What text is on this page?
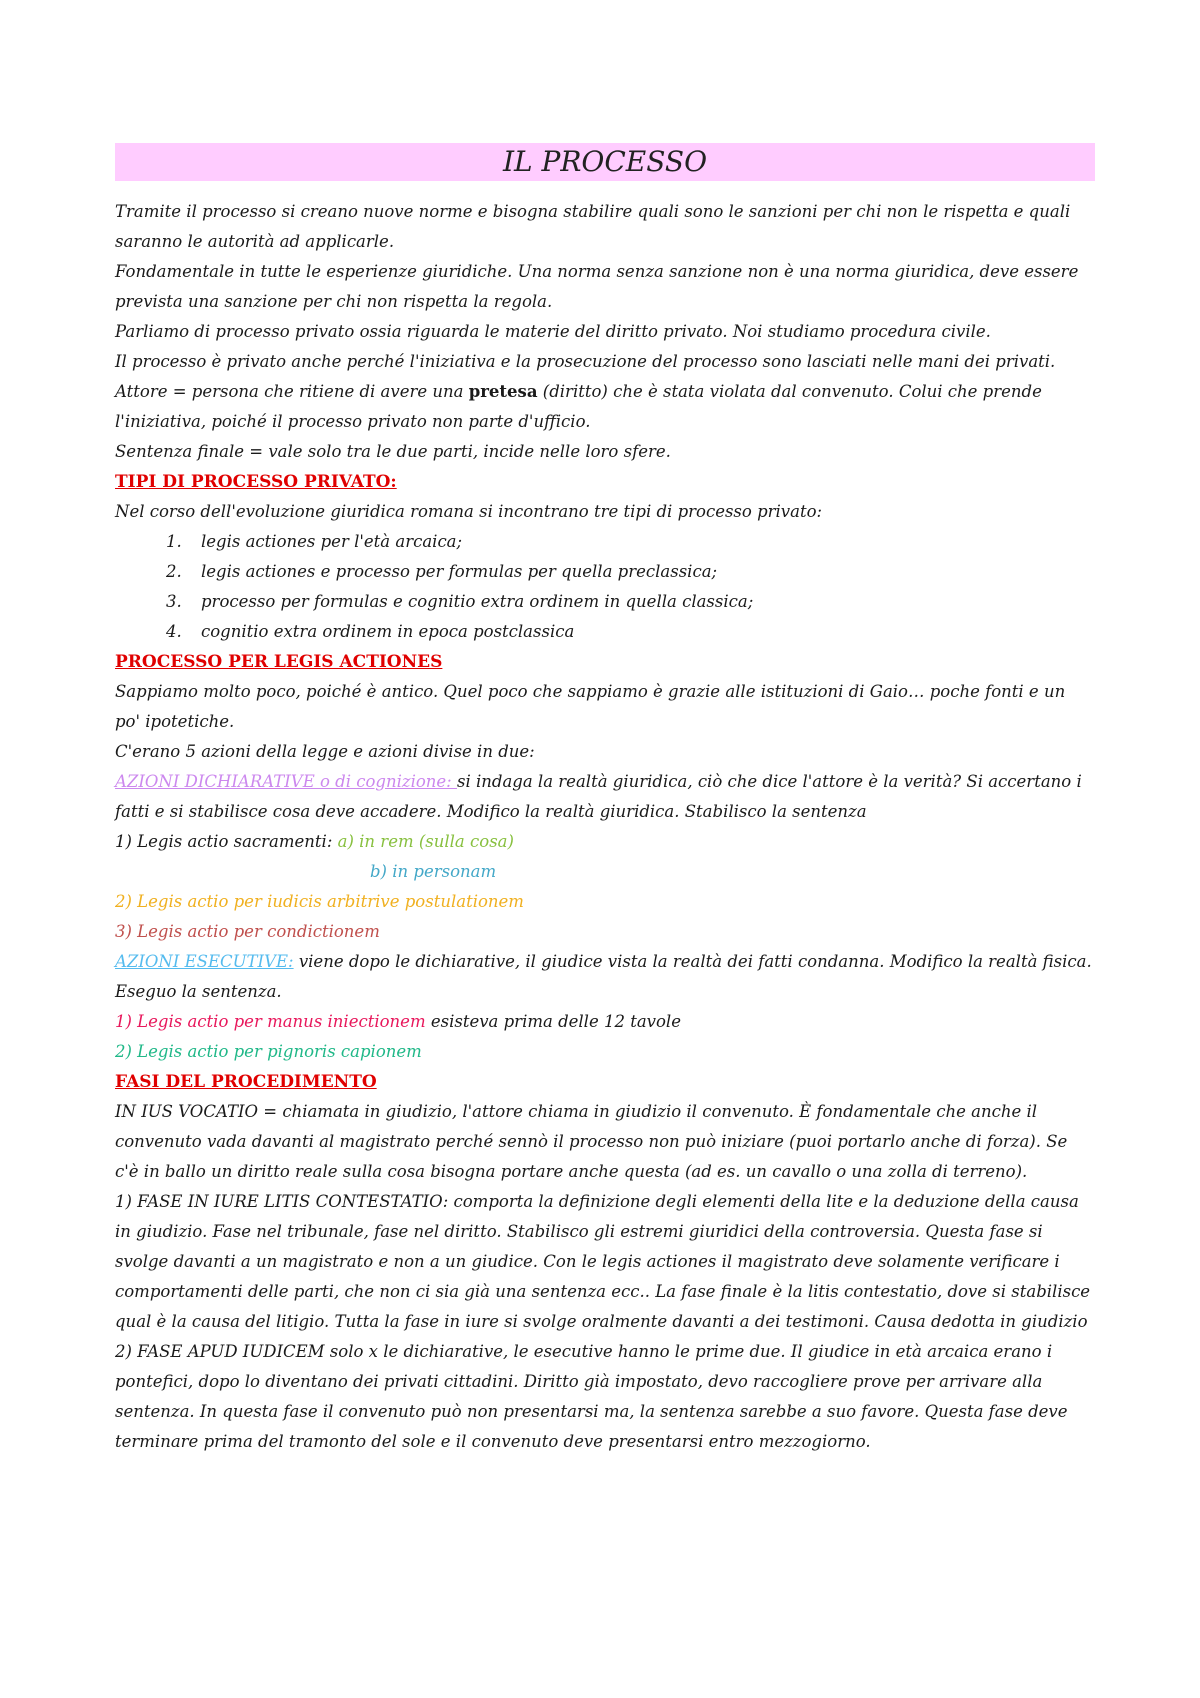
IL PROCESSO

Tramite il processo si creano nuove norme e bisogna stabilire quali sono le sanzioni per chi non le rispetta e quali saranno le autorità ad applicarle.

Fondamentale in tutte le esperienze giuridiche. Una norma senza sanzione non è una norma giuridica, deve essere prevista una sanzione per chi non rispetta la regola.

Parliamo di processo privato ossia riguarda le materie del diritto privato. Noi studiamo procedura civile.

Il processo è privato anche perché l'iniziativa e la prosecuzione del processo sono lasciati nelle mani dei privati.

Attore = persona che ritiene di avere una pretesa (diritto) che è stata violata dal convenuto. Colui che prende l'iniziativa, poiché il processo privato non parte d'ufficio.

Sentenza finale = vale solo tra le due parti, incide nelle loro sfere.

TIPI DI PROCESSO PRIVATO:

Nel corso dell'evoluzione giuridica romana si incontrano tre tipi di processo privato:

1. legis actiones per l'età arcaica;
2. legis actiones e processo per formulas per quella preclassica;
3. processo per formulas e cognitio extra ordinem in quella classica;
4. cognitio extra ordinem in epoca postclassica

PROCESSO PER LEGIS ACTIONES

Sappiamo molto poco, poiché è antico. Quel poco che sappiamo è grazie alle istituzioni di Gaio… poche fonti e un po' ipotetiche.

C'erano 5 azioni della legge e azioni divise in due:

AZIONI DICHIARATIVE o di cognizione: si indaga la realtà giuridica, ciò che dice l'attore è la verità? Si accertano i fatti e si stabilisce cosa deve accadere. Modifico la realtà giuridica. Stabilisco la sentenza

1) Legis actio sacramenti: a) in rem (sulla cosa)

b) in personam

2) Legis actio per iudicis arbitrive postulationem

3) Legis actio per condictionem

AZIONI ESECUTIVE: viene dopo le dichiarative, il giudice vista la realtà dei fatti condanna. Modifico la realtà fisica. Eseguo la sentenza.

1) Legis actio per manus iniectionem esisteva prima delle 12 tavole

2) Legis actio per pignoris capionem

FASI DEL PROCEDIMENTO

IN IUS VOCATIO = chiamata in giudizio, l'attore chiama in giudizio il convenuto. È fondamentale che anche il convenuto vada davanti al magistrato perché sennò il processo non può iniziare (puoi portarlo anche di forza). Se c'è in ballo un diritto reale sulla cosa bisogna portare anche questa (ad es. un cavallo o una zolla di terreno).

1) FASE IN IURE LITIS CONTESTATIO: comporta la definizione degli elementi della lite e la deduzione della causa in giudizio. Fase nel tribunale, fase nel diritto. Stabilisco gli estremi giuridici della controversia. Questa fase si svolge davanti a un magistrato e non a un giudice. Con le legis actiones il magistrato deve solamente verificare i comportamenti delle parti, che non ci sia già una sentenza ecc.. La fase finale è la litis contestatio, dove si stabilisce qual è la causa del litigio. Tutta la fase in iure si svolge oralmente davanti a dei testimoni. Causa dedotta in giudizio

2) FASE APUD IUDICEM solo x le dichiarative, le esecutive hanno le prime due. Il giudice in età arcaica erano i pontefici, dopo lo diventano dei privati cittadini. Diritto già impostato, devo raccogliere prove per arrivare alla sentenza. In questa fase il convenuto può non presentarsi ma, la sentenza sarebbe a suo favore. Questa fase deve terminare prima del tramonto del sole e il convenuto deve presentarsi entro mezzogiorno.
